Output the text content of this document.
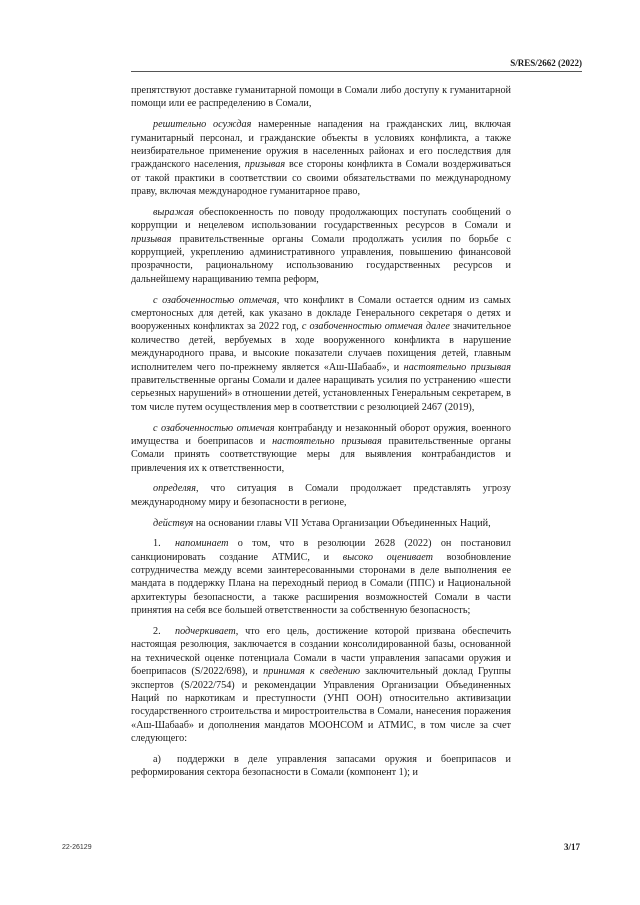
S/RES/2662 (2022)

препятствуют доставке гуманитарной помощи в Сомали либо доступу к гуманитарной помощи или ее распределению в Сомали,

решительно осуждая намеренные нападения на гражданских лиц, включая гуманитарный персонал, и гражданские объекты в условиях конфликта, а также неизбирательное применение оружия в населенных районах и его последствия для гражданского населения, призывая все стороны конфликта в Сомали воздерживаться от такой практики в соответствии со своими обязательствами по международному праву, включая международное гуманитарное право,

выражая обеспокоенность по поводу продолжающих поступать сообщений о коррупции и нецелевом использовании государственных ресурсов в Сомали и призывая правительственные органы Сомали продолжать усилия по борьбе с коррупцией, укреплению административного управления, повышению финансовой прозрачности, рациональному использованию государственных ресурсов и дальнейшему наращиванию темпа реформ,

с озабоченностью отмечая, что конфликт в Сомали остается одним из самых смертоносных для детей, как указано в докладе Генерального секретаря о детях и вооруженных конфликтах за 2022 год, с озабоченностью отмечая далее значительное количество детей, вербуемых в ходе вооруженного конфликта в нарушение международного права, и высокие показатели случаев похищения детей, главным исполнителем чего по-прежнему является «Аш-Шабааб», и настоятельно призывая правительственные органы Сомали и далее наращивать усилия по устранению «шести серьезных нарушений» в отношении детей, установленных Генеральным секретарем, в том числе путем осуществления мер в соответствии с резолюцией 2467 (2019),

с озабоченностью отмечая контрабанду и незаконный оборот оружия, военного имущества и боеприпасов и настоятельно призывая правительственные органы Сомали принять соответствующие меры для выявления контрабандистов и привлечения их к ответственности,

определяя, что ситуация в Сомали продолжает представлять угрозу международному миру и безопасности в регионе,

действуя на основании главы VII Устава Организации Объединенных Наций,

1. напоминает о том, что в резолюции 2628 (2022) он постановил санкционировать создание АТМИС, и высоко оценивает возобновление сотрудничества между всеми заинтересованными сторонами в деле выполнения ее мандата в поддержку Плана на переходный период в Сомали (ППС) и Национальной архитектуры безопасности, а также расширения возможностей Сомали в части принятия на себя все большей ответственности за собственную безопасность;

2. подчеркивает, что его цель, достижение которой призвана обеспечить настоящая резолюция, заключается в создании консолидированной базы, основанной на технической оценке потенциала Сомали в части управления запасами оружия и боеприпасов (S/2022/698), и принимая к сведению заключительный доклад Группы экспертов (S/2022/754) и рекомендации Управления Организации Объединенных Наций по наркотикам и преступности (УНП ООН) относительно активизации государственного строительства и миростроительства в Сомали, нанесения поражения «Аш-Шабааб» и дополнения мандатов МООНСОМ и АТМИС, в том числе за счет следующего:

a) поддержки в деле управления запасами оружия и боеприпасов и реформирования сектора безопасности в Сомали (компонент 1); и

22-26129	3/17
